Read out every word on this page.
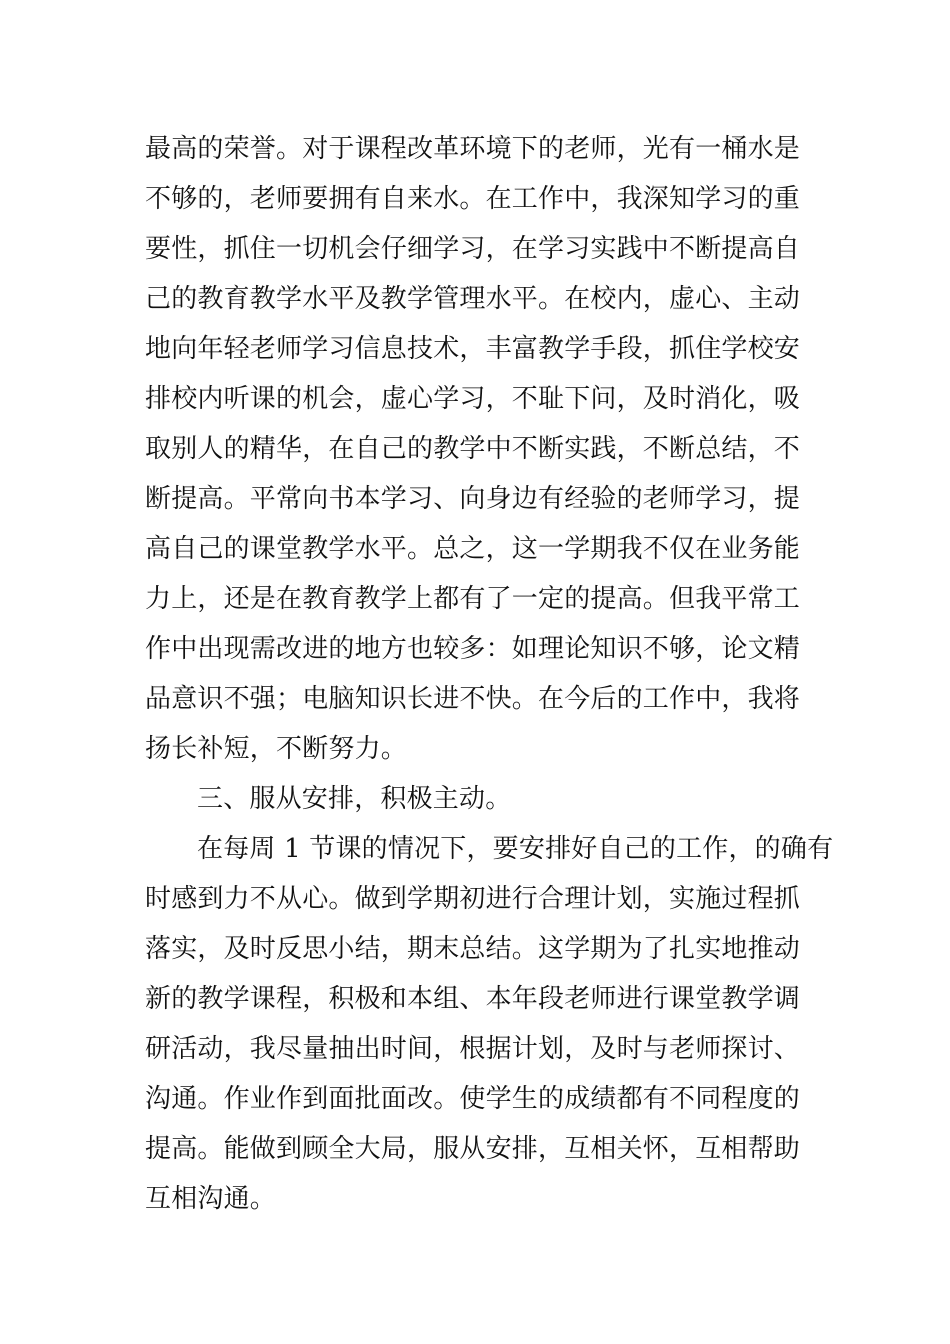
最高的荣誉。对于课程改革环境下的老师，光有一桶水是
不够的，老师要拥有自来水。在工作中，我深知学习的重
要性，抓住一切机会仔细学习，在学习实践中不断提高自
己的教育教学水平及教学管理水平。在校内，虚心、主动
地向年轻老师学习信息技术，丰富教学手段，抓住学校安
排校内听课的机会，虚心学习，不耻下问，及时消化，吸
取别人的精华，在自己的教学中不断实践，不断总结，不
断提高。平常向书本学习、向身边有经验的老师学习，提
高自己的课堂教学水平。总之，这一学期我不仅在业务能
力上，还是在教育教学上都有了一定的提高。但我平常工
作中出现需改进的地方也较多：如理论知识不够，论文精
品意识不强；电脑知识长进不快。在今后的工作中，我将
扬长补短，不断努力。
三、服从安排，积极主动。
在每周 1 节课的情况下，要安排好自己的工作，的确有
时感到力不从心。做到学期初进行合理计划，实施过程抓
落实，及时反思小结，期末总结。这学期为了扎实地推动
新的教学课程，积极和本组、本年段老师进行课堂教学调
研活动，我尽量抽出时间，根据计划，及时与老师探讨、
沟通。作业作到面批面改。使学生的成绩都有不同程度的
提高。能做到顾全大局，服从安排，互相关怀，互相帮助
互相沟通。
